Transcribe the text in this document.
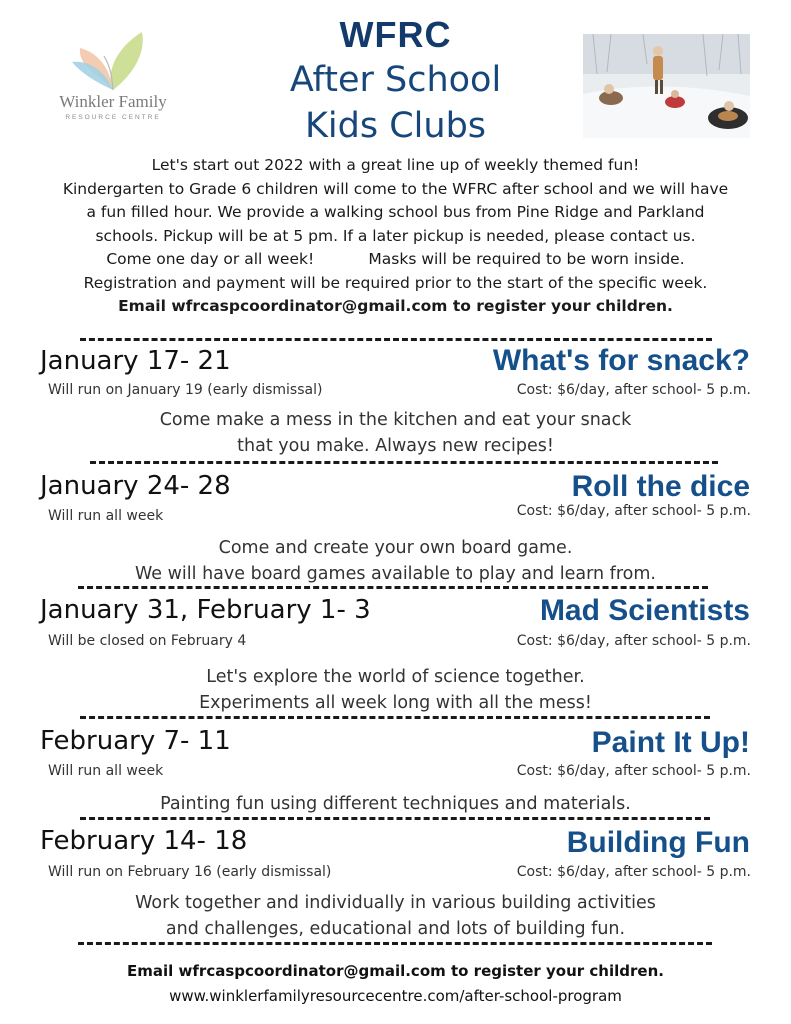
Winkler Family
RESOURCE CENTRE
WFRC
After School
Kids Clubs

Let's start out 2022 with a great line up of weekly themed fun!

Kindergarten to Grade 6 children will come to the WFRC after school and we will have

a fun filled hour. We provide a walking school bus from Pine Ridge and Parkland

schools. Pickup will be at 5 pm. If a later pickup is needed, please contact us.

Come one day or all week!           Masks will be required to be worn inside.

Registration and payment will be required prior to the start of the specific week.

Email wfrcaspcoordinator@gmail.com to register your children.

January 17- 21	What's for snack?
Will run on January 19 (early dismissal)	Cost: $6/day, after school- 5 p.m.

Come make a mess in the kitchen and eat your snack

that you make. Always new recipes!

January 24- 28	Roll the dice
Will run all week	Cost: $6/day, after school- 5 p.m.

Come and create your own board game.

We will have board games available to play and learn from.

January 31, February 1- 3	Mad Scientists
Will be closed on February 4	Cost: $6/day, after school- 5 p.m.

Let's explore the world of science together.

Experiments all week long with all the mess!

February 7- 11	Paint It Up!
Will run all week	Cost: $6/day, after school- 5 p.m.

Painting fun using different techniques and materials.

February 14- 18	Building Fun
Will run on February 16 (early dismissal)	Cost: $6/day, after school- 5 p.m.

Work together and individually in various building activities

and challenges, educational and lots of building fun.

Email wfrcaspcoordinator@gmail.com to register your children.
www.winklerfamilyresourcecentre.com/after-school-program
